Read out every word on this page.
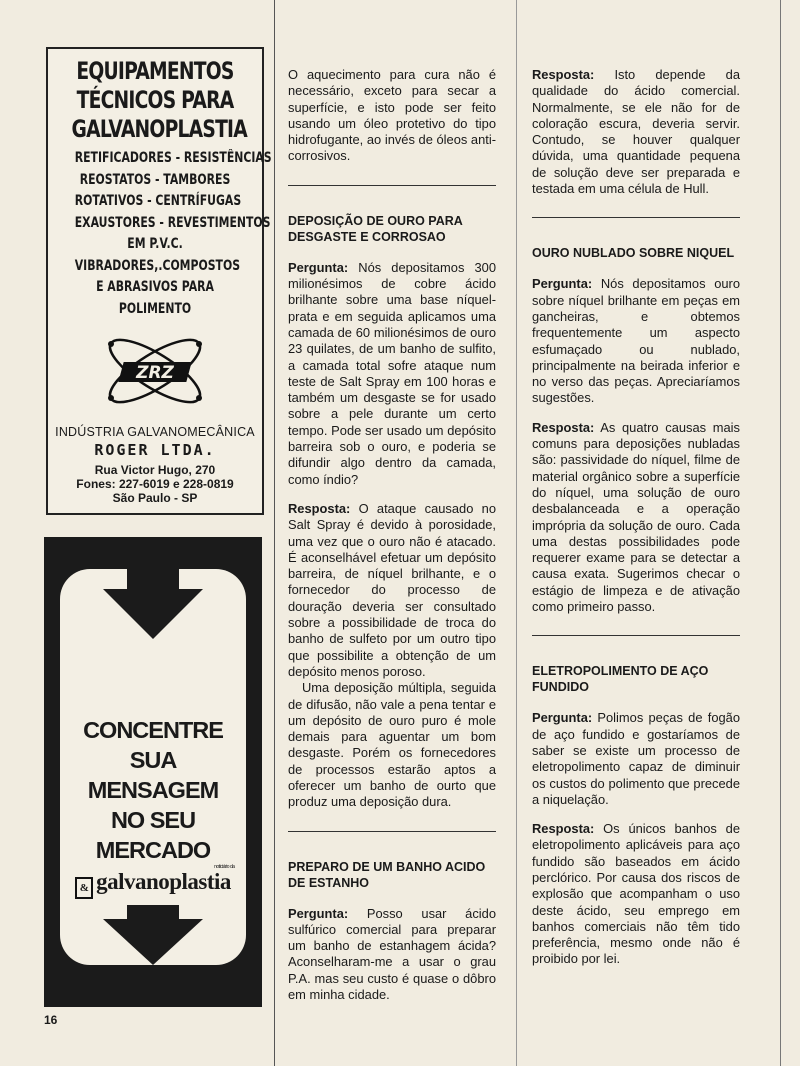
EQUIPAMENTOS
TÉCNICOS PARA
GALVANOPLASTIA
RETIFICADORES - RESISTÊNCIAS
REOSTATOS - TAMBORES
ROTATIVOS - CENTRÍFUGAS
EXAUSTORES - REVESTIMENTOS
EM P.V.C.
VIBRADORES,.COMPOSTOS
E ABRASIVOS PARA
POLIMENTO
ZRZ
INDÚSTRIA GALVANOMECÂNICA
ROGER LTDA.
Rua Victor Hugo, 270
Fones: 227-6019 e 228-0819
São Paulo - SP
CONCENTRE
SUA
MENSAGEM
NO SEU
MERCADO
&
noticiário da
galvanoplastia

O aquecimento para cura não é necessário, exceto para secar a superfície, e isto pode ser feito usando um óleo protetivo do tipo hidrofugante, ao invés de óleos anti-corrosivos.

DEPOSIÇÃO DE OURO PARA DESGASTE E CORROSAO

Pergunta: Nós depositamos 300 milionésimos de cobre ácido brilhante sobre uma base níquel-prata e em seguida aplicamos uma camada de 60 milionésimos de ouro 23 quilates, de um banho de sulfito, a camada total sofre ataque num teste de Salt Spray em 100 horas e também um desgaste se for usado sobre a pele durante um certo tempo. Pode ser usado um depósito barreira sob o ouro, e poderia se difundir algo dentro da camada, como índio?

Resposta: O ataque causado no Salt Spray é devido à porosidade, uma vez que o ouro não é atacado. É aconselhável efetuar um depósito barreira, de níquel brilhante, e o fornecedor do processo de douração deveria ser consultado sobre a possibilidade de troca do banho de sulfeto por um outro tipo que possibilite a obtenção de um depósito menos poroso.

Uma deposição múltipla, seguida de difusão, não vale a pena tentar e um depósito de ouro puro é mole demais para aguentar um bom desgaste. Porém os fornecedores de processos estarão aptos a oferecer um banho de ourto que produz uma deposição dura.

PREPARO DE UM BANHO ACIDO DE ESTANHO

Pergunta: Posso usar ácido sulfúrico comercial para preparar um banho de estanhagem ácida? Aconselharam-me a usar o grau P.A. mas seu custo é quase o dôbro em minha cidade.

Resposta: Isto depende da qualidade do ácido comercial. Normalmente, se ele não for de coloração escura, deveria servir. Contudo, se houver qualquer dúvida, uma quantidade pequena de solução deve ser preparada e testada em uma célula de Hull.

OURO NUBLADO SOBRE NIQUEL

Pergunta: Nós depositamos ouro sobre níquel brilhante em peças em gancheiras, e obtemos frequentemente um aspecto esfumaçado ou nublado, principalmente na beirada inferior e no verso das peças. Apreciaríamos sugestões.

Resposta: As quatro causas mais comuns para deposições nubladas são: passividade do níquel, filme de material orgânico sobre a superfície do níquel, uma solução de ouro desbalanceada e a operação imprópria da solução de ouro. Cada uma destas possibilidades pode requerer exame para se detectar a causa exata. Sugerimos checar o estágio de limpeza e de ativação como primeiro passo.

ELETROPOLIMENTO DE AÇO FUNDIDO

Pergunta: Polimos peças de fogão de aço fundido e gostaríamos de saber se existe um processo de eletropolimento capaz de diminuir os custos do polimento que precede a niquelação.

Resposta: Os únicos banhos de eletropolimento aplicáveis para aço fundido são baseados em ácido perclórico. Por causa dos riscos de explosão que acompanham o uso deste ácido, seu emprego em banhos comerciais não têm tido preferência, mesmo onde não é proibido por lei.

16
